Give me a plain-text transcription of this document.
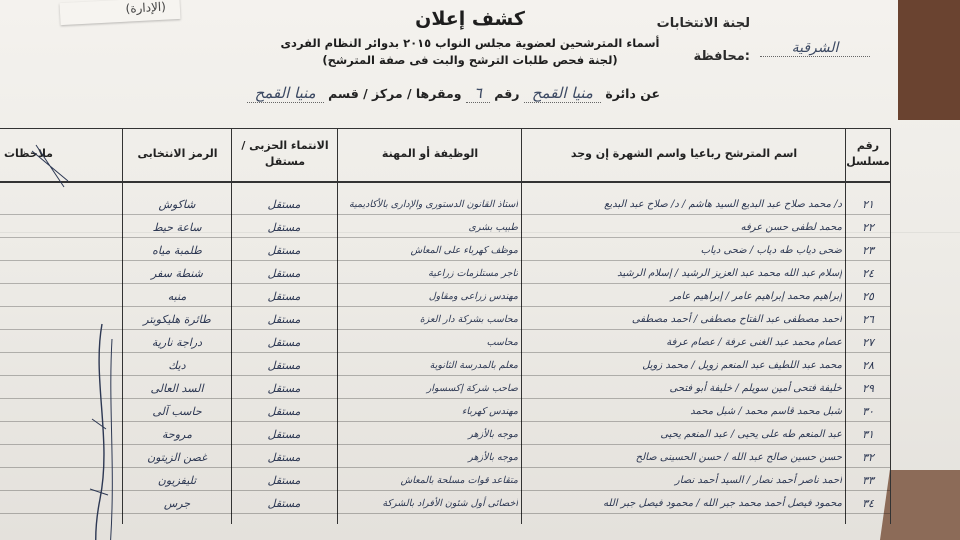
(الإدارة)
كشف إعلان
أسماء المترشحين لعضوية مجلس النواب ٢٠١٥ بدوائر النظام الفردى
(لجنة فحص طلبات الترشح والبت فى صفة المترشح)
لجنة الانتخابات
محافظة:
الشرقية
عن دائرة منيا القمح رقم ٦ ومقرها / مركز / قسم منيا القمح
رقم مسلسل
اسم المترشح رباعيا واسم الشهرة إن وجد
الوظيفة أو المهنة
الانتماء الحزبى / مستقل
الرمز الانتخابى
ملاحظات
٢١
د/ محمد صلاح عبد البديع السيد هاشم / د/ صلاح عبد البديع
أستاذ القانون الدستورى والإدارى بالأكاديمية
مستقل
شاكوش
٢٢
محمد لطفى حسن عرفه
طبيب بشرى
مستقل
ساعة حيط
٢٣
ضحى دياب طه دياب / ضحى دياب
موظف كهرباء على المعاش
مستقل
طلمبة مياه
٢٤
إسلام عبد الله محمد عبد العزيز الرشيد / إسلام الرشيد
تاجر مستلزمات زراعية
مستقل
شنطة سفر
٢٥
إبراهيم محمد إبراهيم عامر / إبراهيم عامر
مهندس زراعى ومقاول
مستقل
منبه
٢٦
أحمد مصطفى عبد الفتاح مصطفى / أحمد مصطفى
محاسب بشركة دار العزة
مستقل
طائرة هليكوبتر
٢٧
عصام محمد عبد الغنى عرفة / عصام عرفة
محاسب
مستقل
دراجة نارية
٢٨
محمد عبد اللطيف عبد المنعم زويل / محمد زويل
معلم بالمدرسة الثانوية
مستقل
ديك
٢٩
خليفة فتحى أمين سويلم / خليفة أبو فتحى
صاحب شركة إكسسوار
مستقل
السد العالى
٣٠
شبل محمد قاسم محمد / شبل محمد
مهندس كهرباء
مستقل
حاسب آلى
٣١
عبد المنعم طه على يحيى / عبد المنعم يحيى
موجه بالأزهر
مستقل
مروحة
٣٢
حسن حسين صالح عبد الله / حسن الحسينى صالح
موجه بالأزهر
مستقل
غصن الزيتون
٣٣
أحمد ناصر أحمد نصار / السيد أحمد نصار
متقاعد قوات مسلحة بالمعاش
مستقل
تليفزيون
٣٤
محمود فيصل أحمد محمد جبر الله / محمود فيصل جبر الله
أخصائى أول شئون الأفراد بالشركة
مستقل
جرس
